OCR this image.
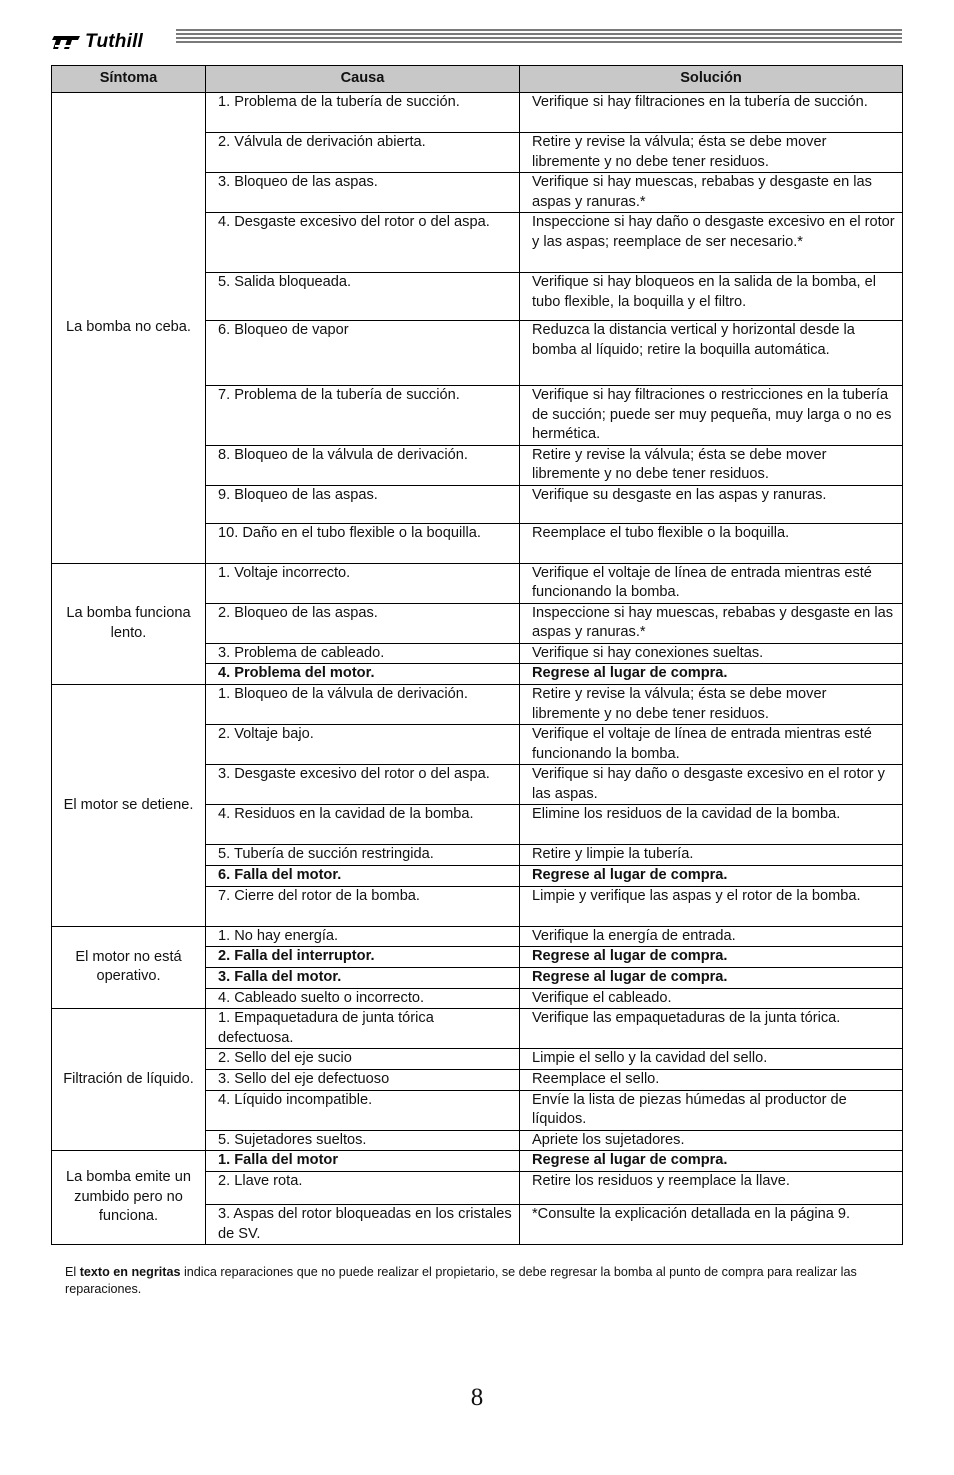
Tuthill
Síntoma	Causa	Solución
La bomba no ceba.	1. Problema de la tubería de succión.	Verifique si hay filtraciones en la tubería de succión.
	2. Válvula de derivación abierta.	Retire y revise la válvula; ésta se debe mover libremente y no debe tener residuos.
	3. Bloqueo de las aspas.	Verifique si hay muescas, rebabas y desgaste en las aspas y ranuras.*
	4. Desgaste excesivo del rotor o del aspa.	Inspeccione si hay daño o desgaste excesivo en el rotor y las aspas; reemplace de ser necesario.*
	5. Salida bloqueada.	Verifique si hay bloqueos en la salida de la bomba, el tubo flexible, la boquilla y el filtro.
	6. Bloqueo de vapor	Reduzca la distancia vertical y horizontal desde la bomba al líquido; retire la boquilla automática.
	7. Problema de la tubería de succión.	Verifique si hay filtraciones o restricciones en la tubería de succión; puede ser muy pequeña, muy larga o no es hermética.
	8. Bloqueo de la válvula de derivación.	Retire y revise la válvula; ésta se debe mover libremente y no debe tener residuos.
	9. Bloqueo de las aspas.	Verifique su desgaste en las aspas y ranuras.
	10. Daño en el tubo flexible o la boquilla.	Reemplace el tubo flexible o la boquilla.
La bomba funciona lento.	1. Voltaje incorrecto.	Verifique el voltaje de línea de entrada mientras esté funcionando la bomba.
	2. Bloqueo de las aspas.	Inspeccione si hay muescas, rebabas y desgaste en las aspas y ranuras.*
	3. Problema de cableado.	Verifique si hay conexiones sueltas.
	4. Problema del motor.	Regrese al lugar de compra.
El motor se detiene.	1. Bloqueo de la válvula de derivación.	Retire y revise la válvula; ésta se debe mover libremente y no debe tener residuos.
	2. Voltaje bajo.	Verifique el voltaje de línea de entrada mientras esté funcionando la bomba.
	3. Desgaste excesivo del rotor o del aspa.	Verifique si hay daño o desgaste excesivo en el rotor y las aspas.
	4. Residuos en la cavidad de la bomba.	Elimine los residuos de la cavidad de la bomba.
	5. Tubería de succión restringida.	Retire y limpie la tubería.
	6. Falla del motor.	Regrese al lugar de compra.
	7. Cierre del rotor de la bomba.	Limpie y verifique las aspas y el rotor de la bomba.
El motor no está operativo.	1. No hay energía.	Verifique la energía de entrada.
	2. Falla del interruptor.	Regrese al lugar de compra.
	3. Falla del motor.	Regrese al lugar de compra.
	4. Cableado suelto o incorrecto.	Verifique el cableado.
Filtración de líquido.	1. Empaquetadura de junta tórica defectuosa.	Verifique las empaquetaduras de la junta tórica.
	2. Sello del eje sucio	Limpie el sello y la cavidad del sello.
	3. Sello del eje defectuoso	Reemplace el sello.
	4. Líquido incompatible.	Envíe la lista de piezas húmedas al productor de líquidos.
	5. Sujetadores sueltos.	Apriete los sujetadores.
La bomba emite un zumbido pero no funciona.	1. Falla del motor	Regrese al lugar de compra.
	2. Llave rota.	Retire los residuos y reemplace la llave.
	3. Aspas del rotor bloqueadas en los cristales de SV.	*Consulte la explicación detallada en la página 9.
El texto en negritas indica reparaciones que no puede realizar el propietario, se debe regresar la bomba al punto de compra para realizar las reparaciones.
8
